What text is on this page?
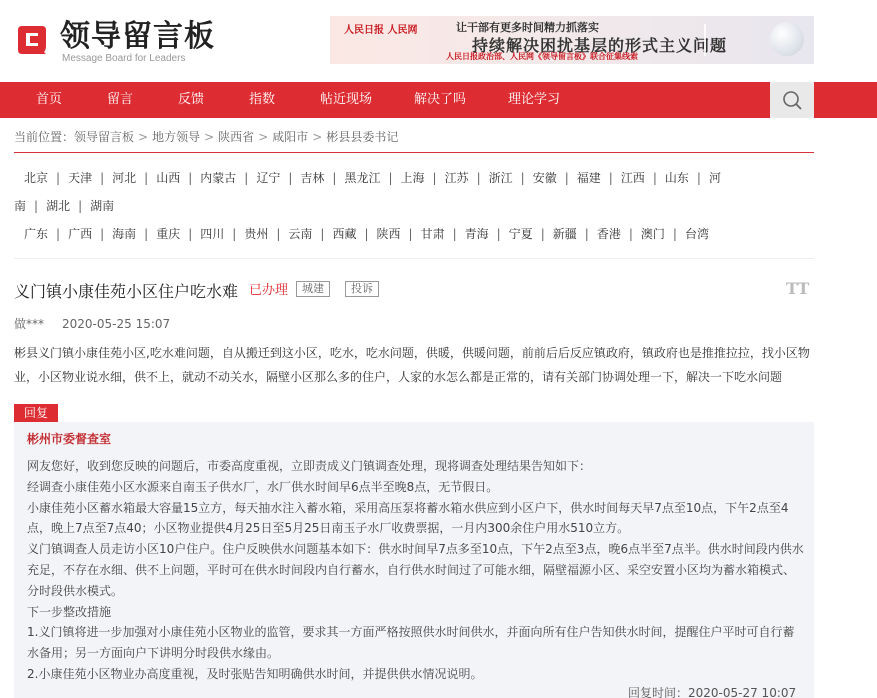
领导留言板
Message Board for Leaders
人民日报 人民网	让干部有更多时间精力抓落实
持续解决困扰基层的形式主义问题
人民日报政治部、人民网《领导留言板》联合征集线索
首页	留言	反馈	指数	帖近现场	解决了吗	理论学习
当前位置：领导留言板 > 地方领导 > 陕西省 > 咸阳市 > 彬县县委书记
北京 | 天津 | 河北 | 山西 | 内蒙古 | 辽宁 | 吉林 | 黑龙江 | 上海 | 江苏 | 浙江 | 安徽 | 福建 | 江西 | 山东 | 河
南 | 湖北 | 湖南
广东 | 广西 | 海南 | 重庆 | 四川 | 贵州 | 云南 | 西藏 | 陕西 | 甘肃 | 青海 | 宁夏 | 新疆 | 香港 | 澳门 | 台湾
义门镇小康佳苑小区住户吃水难 已办理	城建	投诉	TT
做*** 2020-05-25 15:07
彬县义门镇小康佳苑小区,吃水难问题，自从搬迁到这小区，吃水，吃水问题，供暖，供暖问题，前前后后反应镇政府，镇政府也是推推拉拉，找小区物业，小区物业说水细，供不上，就动不动关水，隔壁小区那么多的住户，人家的水怎么都是正常的，请有关部门协调处理一下，解决一下吃水问题
回复
彬州市委督查室

网友您好，收到您反映的问题后，市委高度重视，立即责成义门镇调查处理，现将调查处理结果告知如下：

经调查小康佳苑小区水源来自南玉子供水厂，水厂供水时间早6点半至晚8点，无节假日。

小康佳苑小区蓄水箱最大容量15立方，每天抽水注入蓄水箱，采用高压泵将蓄水箱水供应到小区户下，供水时间每天早7点至10点，下午2点至4点，晚上7点至7点40；小区物业提供4月25日至5月25日南玉子水厂收费票据，一月内300余住户用水510立方。

义门镇调查人员走访小区10户住户。住户反映供水问题基本如下：供水时间早7点多至10点，下午2点至3点，晚6点半至7点半。供水时间段内供水充足，不存在水细、供不上问题，平时可在供水时间段内自行蓄水，自行供水时间过了可能水细，隔壁福源小区、采空安置小区均为蓄水箱模式、分时段供水模式。

下一步整改措施

1.义门镇将进一步加强对小康佳苑小区物业的监管，要求其一方面严格按照供水时间供水，并面向所有住户告知供水时间，提醒住户平时可自行蓄水备用；另一方面向户下讲明分时段供水缘由。

2.小康佳苑小区物业办高度重视，及时张贴告知明确供水时间，并提供供水情况说明。

回复时间：2020-05-27 10:07
